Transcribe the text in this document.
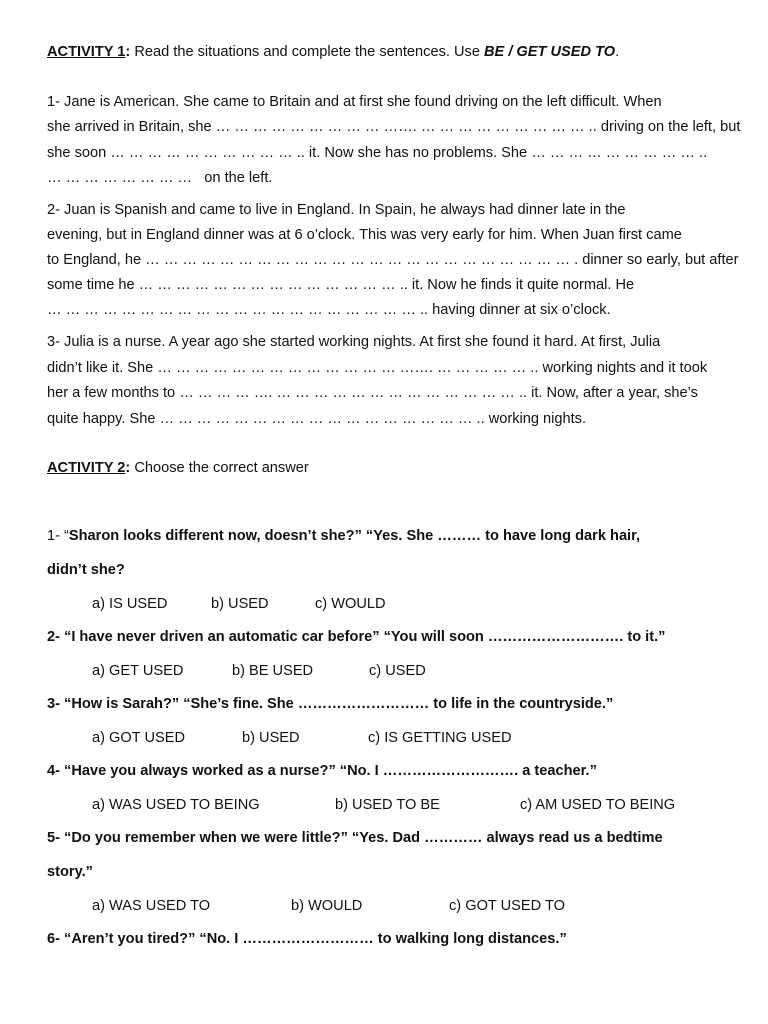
ACTIVITY 1: Read the situations and complete the sentences. Use BE / GET USED TO.
1- Jane is American. She came to Britain and at first she found driving on the left difficult. When
she arrived in Britain, she … … … … … … … … … ……. … … … … … … … … … .. driving on the left, but
she soon … … … … … … … … … … .. it. Now she has no problems. She … … … … … … … … … ..
… … … … … … … …   on the left.
2- Juan is Spanish and came to live in England. In Spain, he always had dinner late in the
evening, but in England dinner was at 6 o’clock. This was very early for him. When Juan first came
to England, he … … … … … … … … … … … … … … … … … … … … … … … . dinner so early, but after
some time he … … … … … … … … … … … … … … .. it. Now he finds it quite normal. He
… … … … … … … … … … … … … … … … … … … … .. having dinner at six o’clock.
3- Julia is a nurse. A year ago she started working nights. At first she found it hard. At first, Julia
didn’t like it. She … … … … … … … … … … … … … ……. … … … … … .. working nights and it took
her a few months to … … … … …. … … … … … … … … … … … … … .. it. Now, after a year, she’s
quite happy. She … … … … … … … … … … … … … … … … … .. working nights.
ACTIVITY 2: Choose the correct answer
1- “Sharon looks different now, doesn’t she?” “Yes. She ……… to have long dark hair,
didn’t she?
a) IS USED	b) USED	c) WOULD
2- “I have never driven an automatic car before” “You will soon ………………………. to it.”
a) GET USED	b) BE USED	c) USED
3- “How is Sarah?” “She’s fine. She ……………………… to life in the countryside.”
a) GOT USED	b) USED	c) IS GETTING USED
4- “Have you always worked as a nurse?” “No. I ………………………. a teacher.”
a) WAS USED TO BEING	b) USED TO BE	c) AM USED TO BEING
5- “Do you remember when we were little?” “Yes. Dad ………… always read us a bedtime
story.”
a) WAS USED TO	b) WOULD	c) GOT USED TO
6- “Aren’t you tired?” “No. I ……………………… to walking long distances.”
